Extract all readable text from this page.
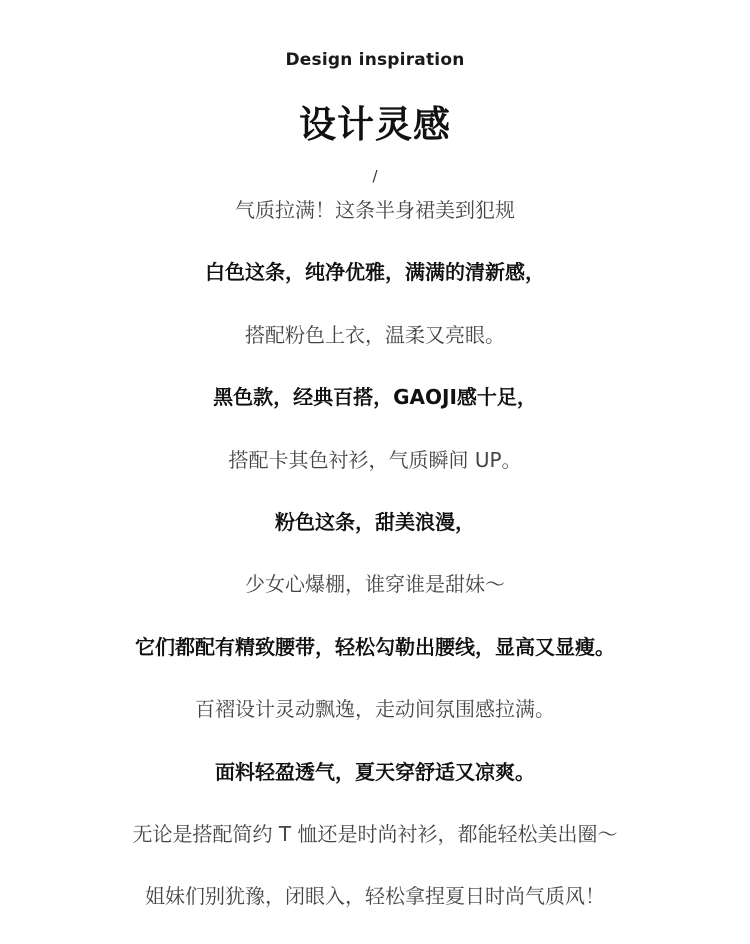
Design inspiration
设计灵感
/
气质拉满！这条半身裙美到犯规
白色这条，纯净优雅，满满的清新感，
搭配粉色上衣，温柔又亮眼。
黑色款，经典百搭，GAOJI感十足，
搭配卡其色衬衫，气质瞬间 UP。
粉色这条，甜美浪漫，
少女心爆棚，谁穿谁是甜妹～
它们都配有精致腰带，轻松勾勒出腰线，显高又显瘦。
百褶设计灵动飘逸，走动间氛围感拉满。
面料轻盈透气，夏天穿舒适又凉爽。
无论是搭配简约 T 恤还是时尚衬衫，都能轻松美出圈～
姐妹们别犹豫，闭眼入，轻松拿捏夏日时尚气质风！
